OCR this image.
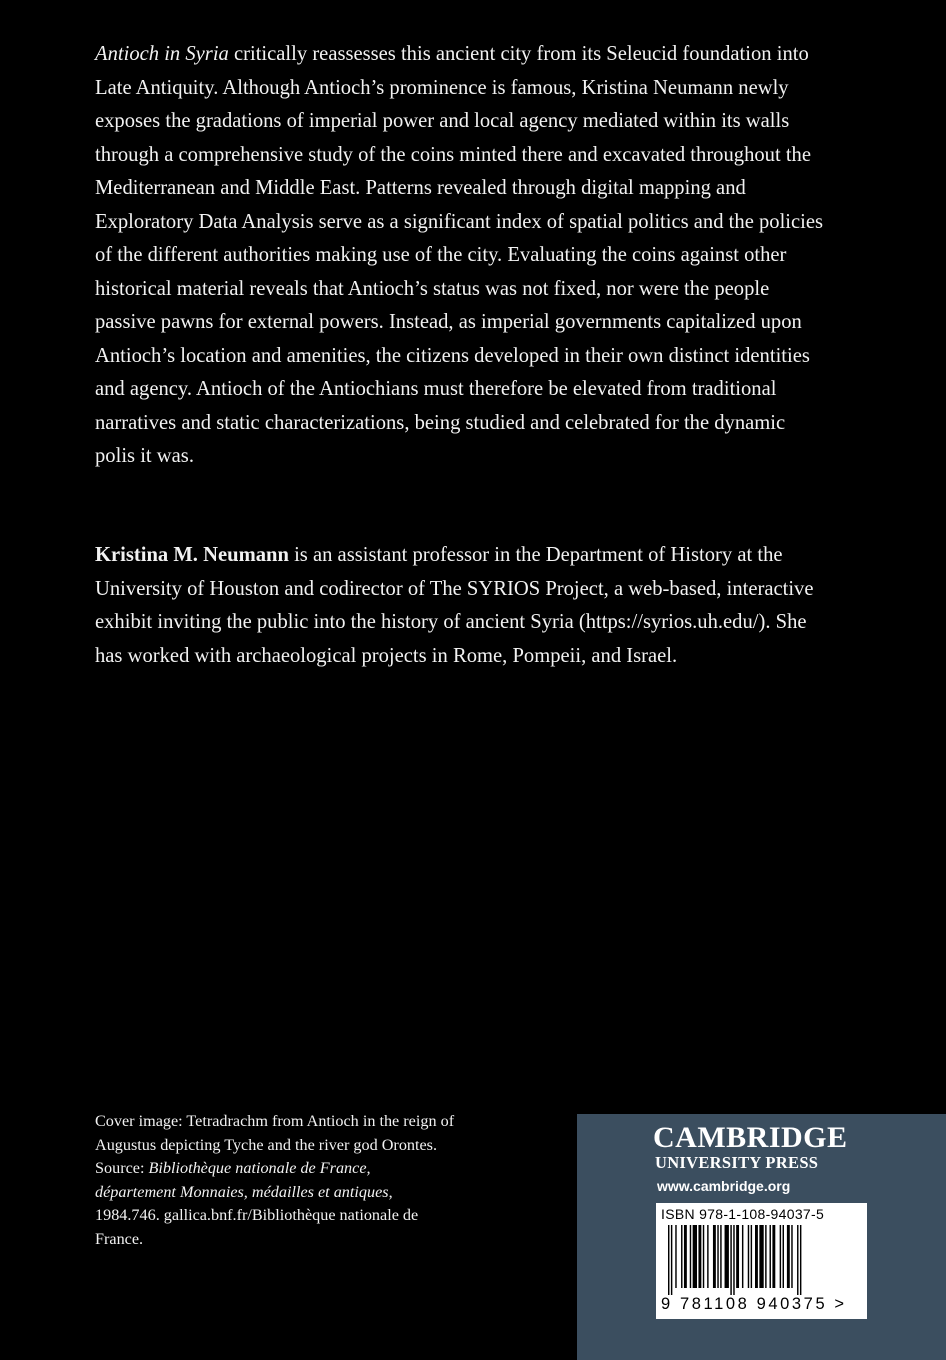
Antioch in Syria critically reassesses this ancient city from its Seleucid foundation into Late Antiquity. Although Antioch’s prominence is famous, Kristina Neumann newly exposes the gradations of imperial power and local agency mediated within its walls through a comprehensive study of the coins minted there and excavated throughout the Mediterranean and Middle East. Patterns revealed through digital mapping and Exploratory Data Analysis serve as a significant index of spatial politics and the policies of the different authorities making use of the city. Evaluating the coins against other historical material reveals that Antioch’s status was not fixed, nor were the people passive pawns for external powers. Instead, as imperial governments capitalized upon Antioch’s location and amenities, the citizens developed in their own distinct identities and agency. Antioch of the Antiochians must therefore be elevated from traditional narratives and static characterizations, being studied and celebrated for the dynamic polis it was.

Kristina M. Neumann is an assistant professor in the Department of History at the University of Houston and codirector of The SYRIOS Project, a web-based, interactive exhibit inviting the public into the history of ancient Syria (https://syrios.uh.edu/). She has worked with archaeological projects in Rome, Pompeii, and Israel.

Cover image: Tetradrachm from Antioch in the reign of Augustus depicting Tyche and the river god Orontes. Source: Bibliothèque nationale de France, département Monnaies, médailles et antiques, 1984.746. gallica.bnf.fr/Bibliothèque nationale de France.

CAMBRIDGE
UNIVERSITY PRESS
www.cambridge.org
ISBN 978-1-108-94037-5
9 781108 940375 >
